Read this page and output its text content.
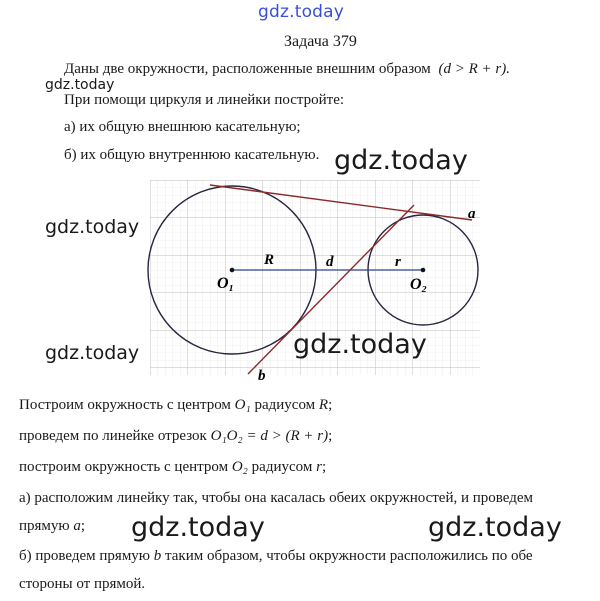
gdz.today
Задача 379
Даны две окружности, расположенные внешним образом (d > R + r).
gdz.today
При помощи циркуля и линейки постройте:
а) их общую внешнюю касательную;
б) их общую внутреннюю касательную.
O₁	O₂
R	d	r
a
b
gdz.today
gdz.today
gdz.today
gdz.today
Построим окружность с центром O₁ радиусом R;
проведем по линейке отрезок O₁O₂ = d > (R + r);
построим окружность с центром O₂ радиусом r;
а) расположим линейку так, чтобы она касалась обеих окружностей, и проведем
прямую a;
б) проведем прямую b таким образом, чтобы окружности расположились по обе
стороны от прямой.
gdz.today	gdz.today
